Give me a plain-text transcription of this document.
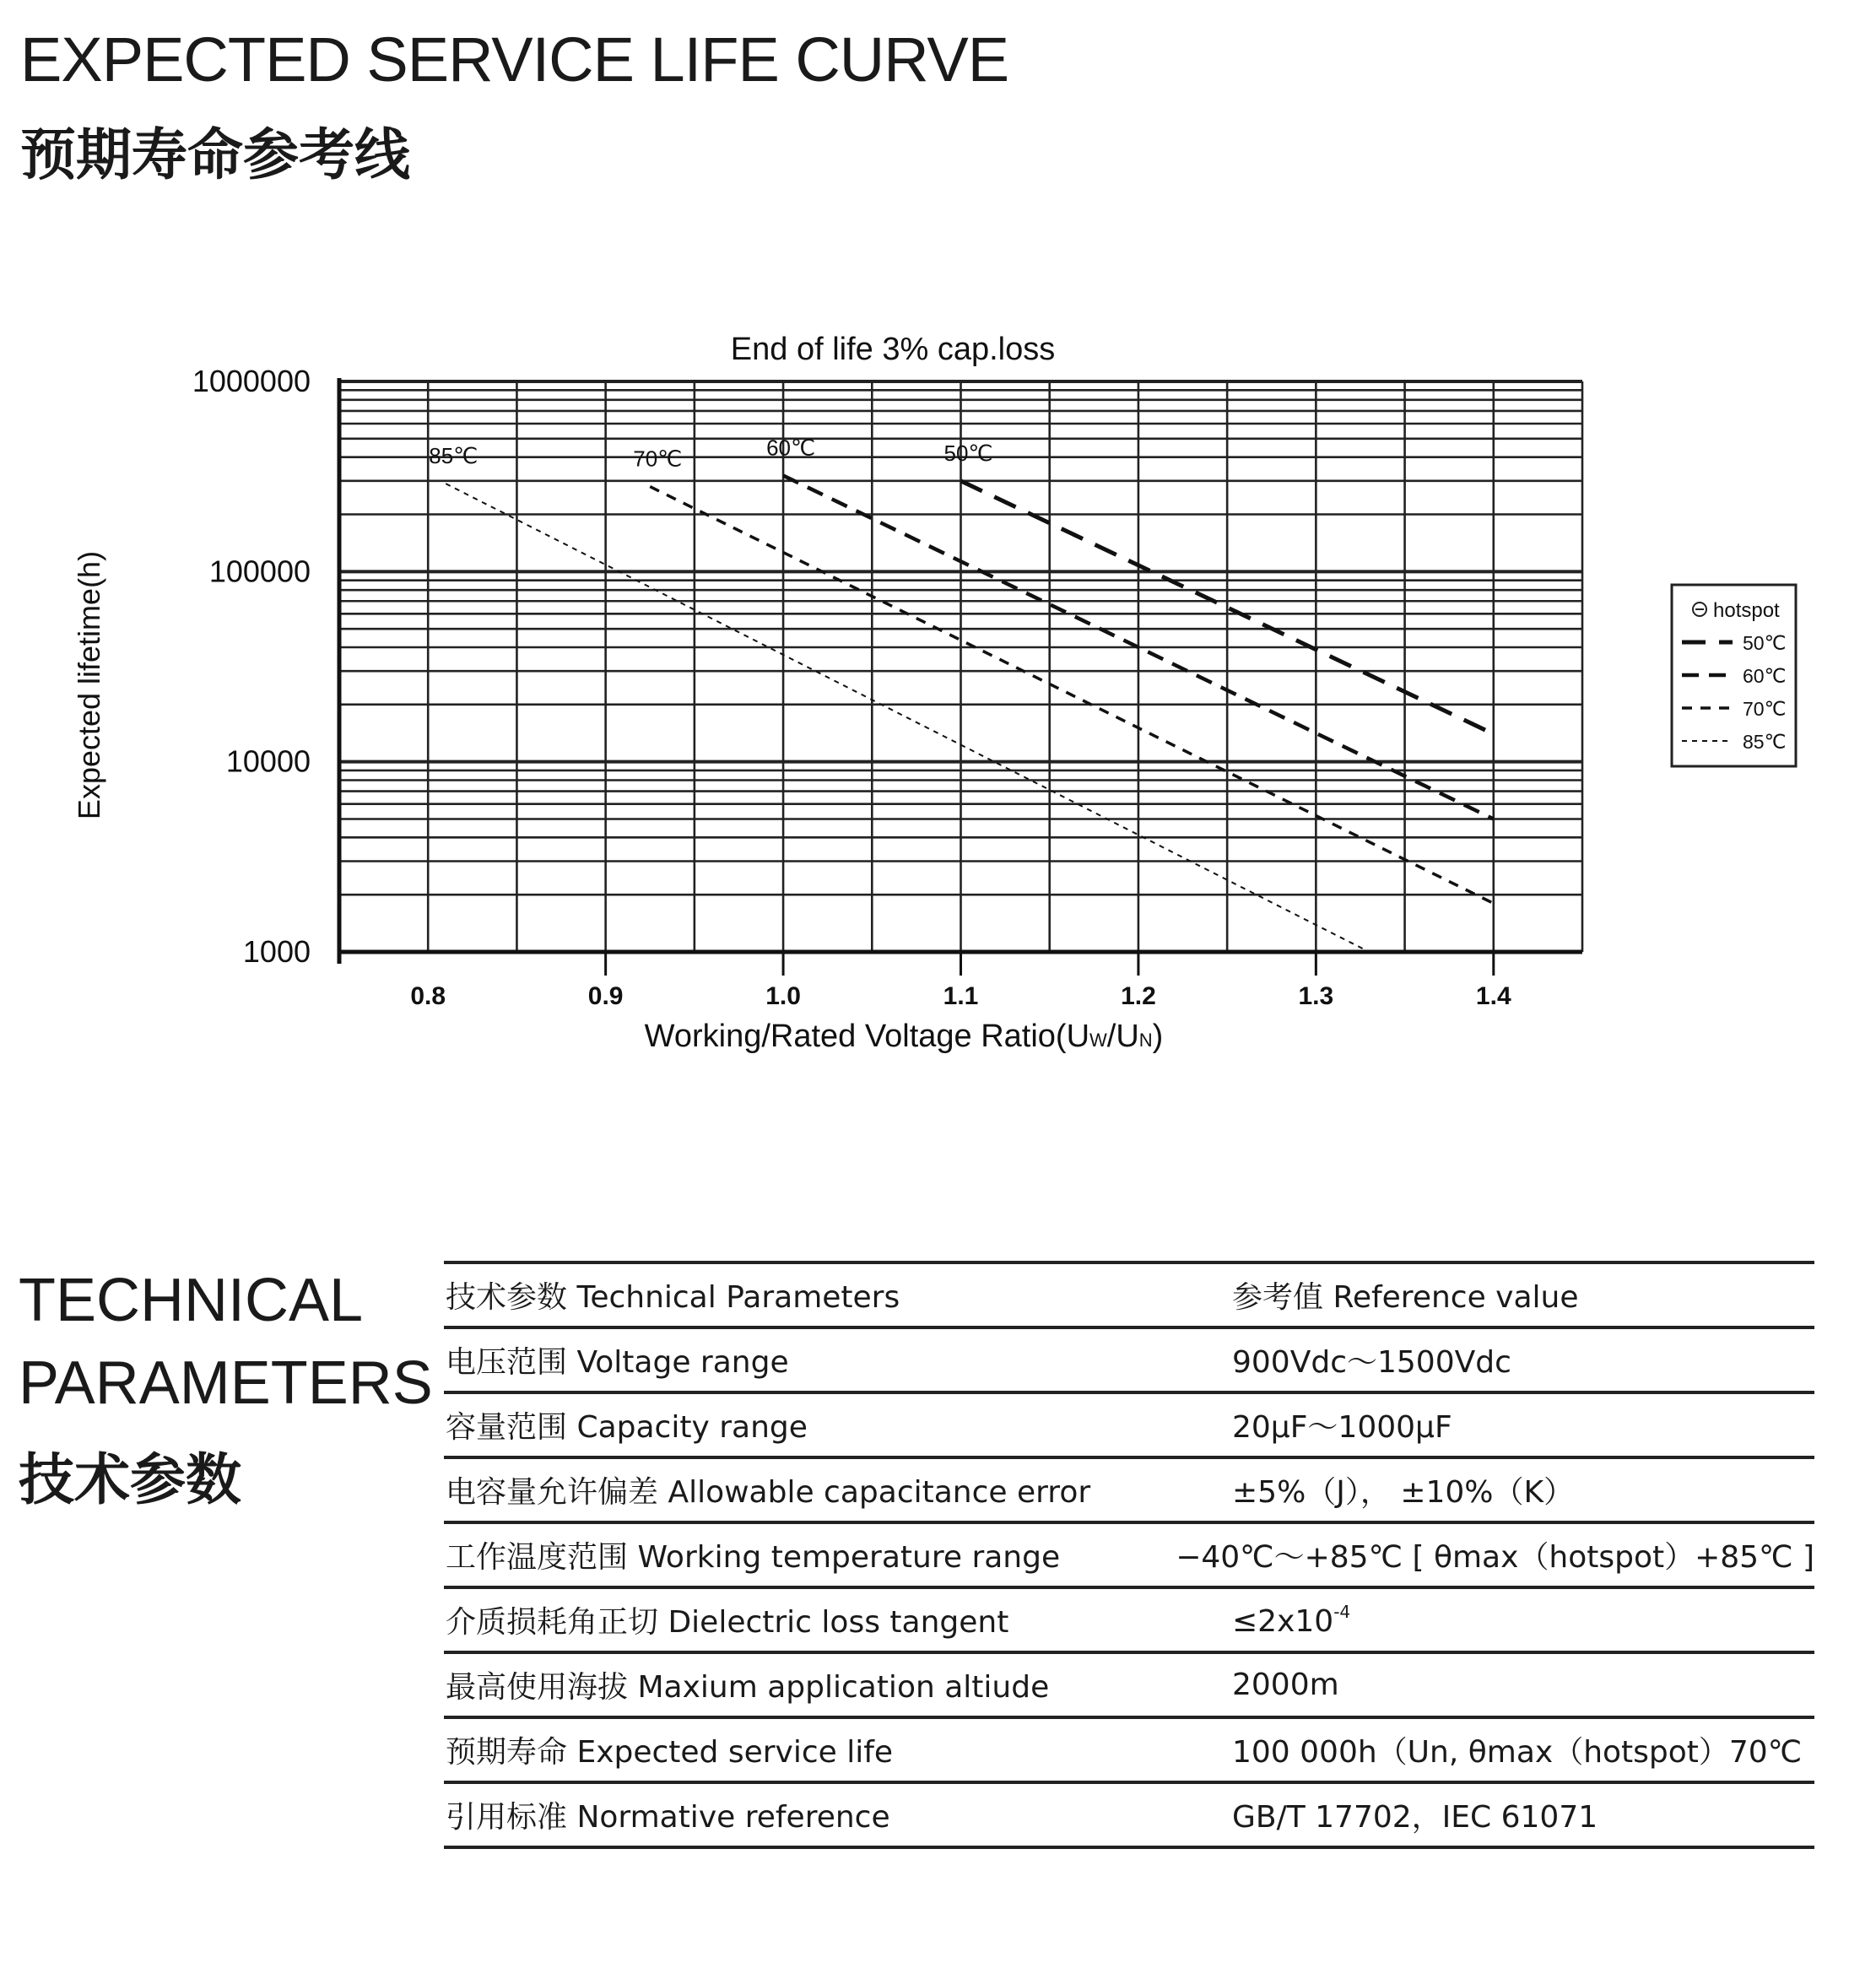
EXPECTED SERVICE LIFE CURVE
预期寿命参考线
End of life 3% cap.loss
50℃
60℃
70℃
85℃
0.8	0.9	1.0	1.1	1.2	1.3	1.4
1000
10000
100000
1000000
Expected lifetime(h)
Working/Rated Voltage Ratio(UW/UN)
hotspot
50℃
60℃
70℃
85℃
TECHNICAL
PARAMETERS
技术参数
技术参数 Technical Parameters	参考值 Reference value
电压范围 Voltage range	900Vdc～1500Vdc
容量范围 Capacity range	20μF～1000μF
电容量允许偏差 Allowable capacitance error	±5%（J）， ±10%（K）
工作温度范围 Working temperature range	−40℃～+85℃ [ θmax（hotspot）+85℃ ]
介质损耗角正切 Dielectric loss tangent	$\le 2x10^{-4}$
最高使用海拔 Maxium application altiude	2000m
预期寿命 Expected service life	100 000h（Un, θmax（hotspot）70℃
引用标准 Normative reference	GB/T 17702，IEC 61071
